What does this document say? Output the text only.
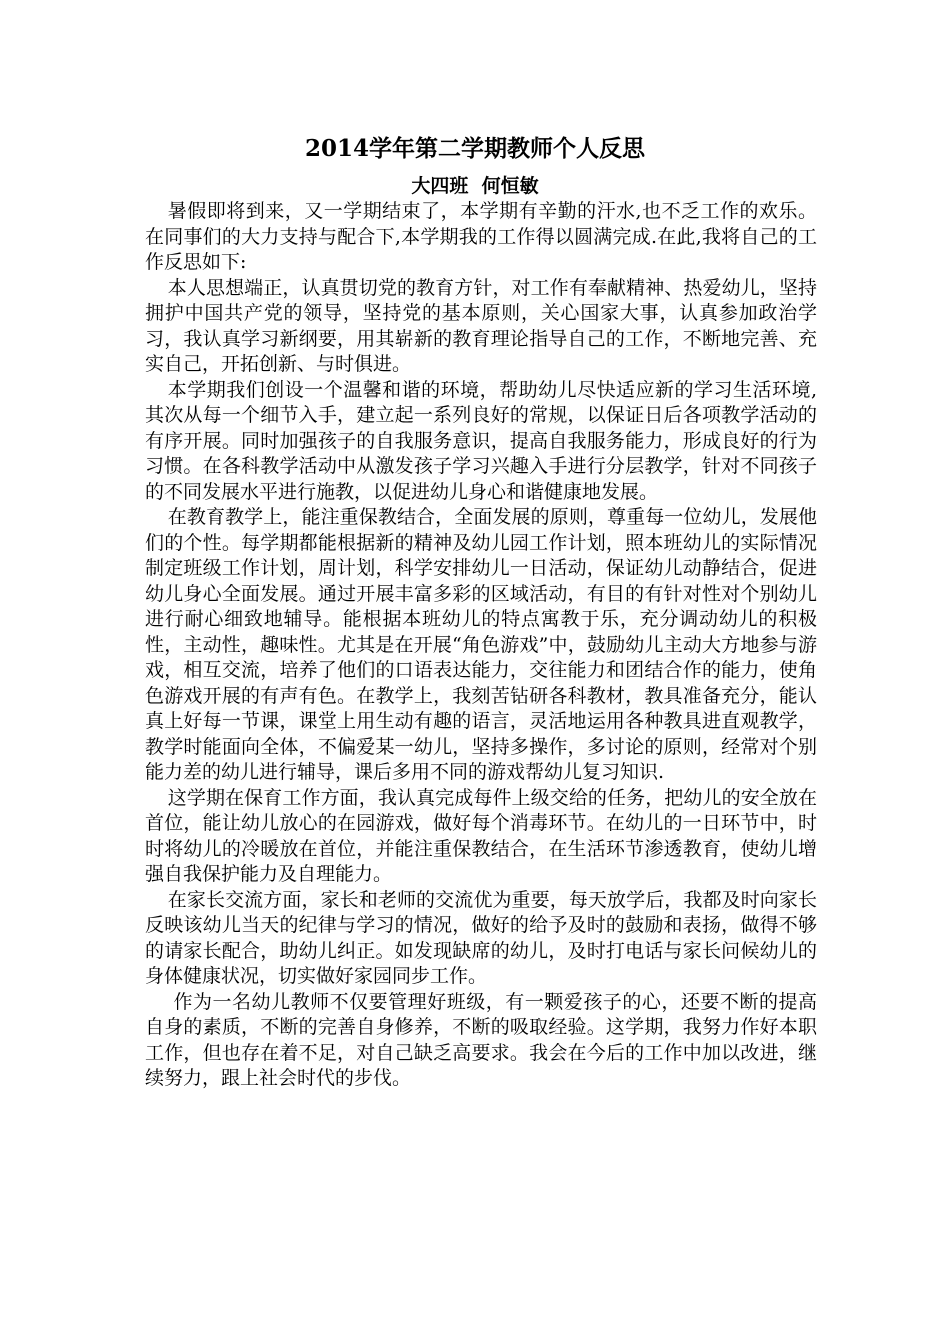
2014学年第二学期教师个人反思
大四班  何恒敏

暑假即将到来，又一学期结束了，本学期有辛勤的汗水,也不乏工作的欢乐。在同事们的大力支持与配合下,本学期我的工作得以圆满完成.在此,我将自己的工作反思如下:

本人思想端正，认真贯切党的教育方针，对工作有奉献精神、热爱幼儿，坚持拥护中国共产党的领导，坚持党的基本原则，关心国家大事，认真参加政治学习，我认真学习新纲要，用其崭新的教育理论指导自己的工作，不断地完善、充实自己，开拓创新、与时俱进。

本学期我们创设一个温馨和谐的环境，帮助幼儿尽快适应新的学习生活环境,其次从每一个细节入手，建立起一系列良好的常规，以保证日后各项教学活动的有序开展。同时加强孩子的自我服务意识，提高自我服务能力，形成良好的行为习惯。在各科教学活动中从激发孩子学习兴趣入手进行分层教学，针对不同孩子的不同发展水平进行施教，以促进幼儿身心和谐健康地发展。

在教育教学上，能注重保教结合，全面发展的原则，尊重每一位幼儿，发展他们的个性。每学期都能根据新的精神及幼儿园工作计划，照本班幼儿的实际情况制定班级工作计划，周计划，科学安排幼儿一日活动，保证幼儿动静结合，促进幼儿身心全面发展。通过开展丰富多彩的区域活动，有目的有针对性对个别幼儿进行耐心细致地辅导。能根据本班幼儿的特点寓教于乐，充分调动幼儿的积极性，主动性，趣味性。尤其是在开展“角色游戏”中，鼓励幼儿主动大方地参与游戏，相互交流，培养了他们的口语表达能力，交往能力和团结合作的能力，使角色游戏开展的有声有色。在教学上，我刻苦钻研各科教材，教具准备充分，能认真上好每一节课，课堂上用生动有趣的语言，灵活地运用各种教具进直观教学，教学时能面向全体，不偏爱某一幼儿，坚持多操作，多讨论的原则，经常对个别能力差的幼儿进行辅导，课后多用不同的游戏帮幼儿复习知识.

这学期在保育工作方面，我认真完成每件上级交给的任务，把幼儿的安全放在首位，能让幼儿放心的在园游戏，做好每个消毒环节。在幼儿的一日环节中，时时将幼儿的冷暖放在首位，并能注重保教结合，在生活环节渗透教育，使幼儿增强自我保护能力及自理能力。

在家长交流方面，家长和老师的交流优为重要，每天放学后，我都及时向家长反映该幼儿当天的纪律与学习的情况，做好的给予及时的鼓励和表扬，做得不够的请家长配合，助幼儿纠正。如发现缺席的幼儿，及时打电话与家长问候幼儿的身体健康状况，切实做好家园同步工作。

作为一名幼儿教师不仅要管理好班级，有一颗爱孩子的心，还要不断的提高自身的素质，不断的完善自身修养，不断的吸取经验。这学期，我努力作好本职工作，但也存在着不足，对自己缺乏高要求。我会在今后的工作中加以改进，继续努力，跟上社会时代的步伐。
